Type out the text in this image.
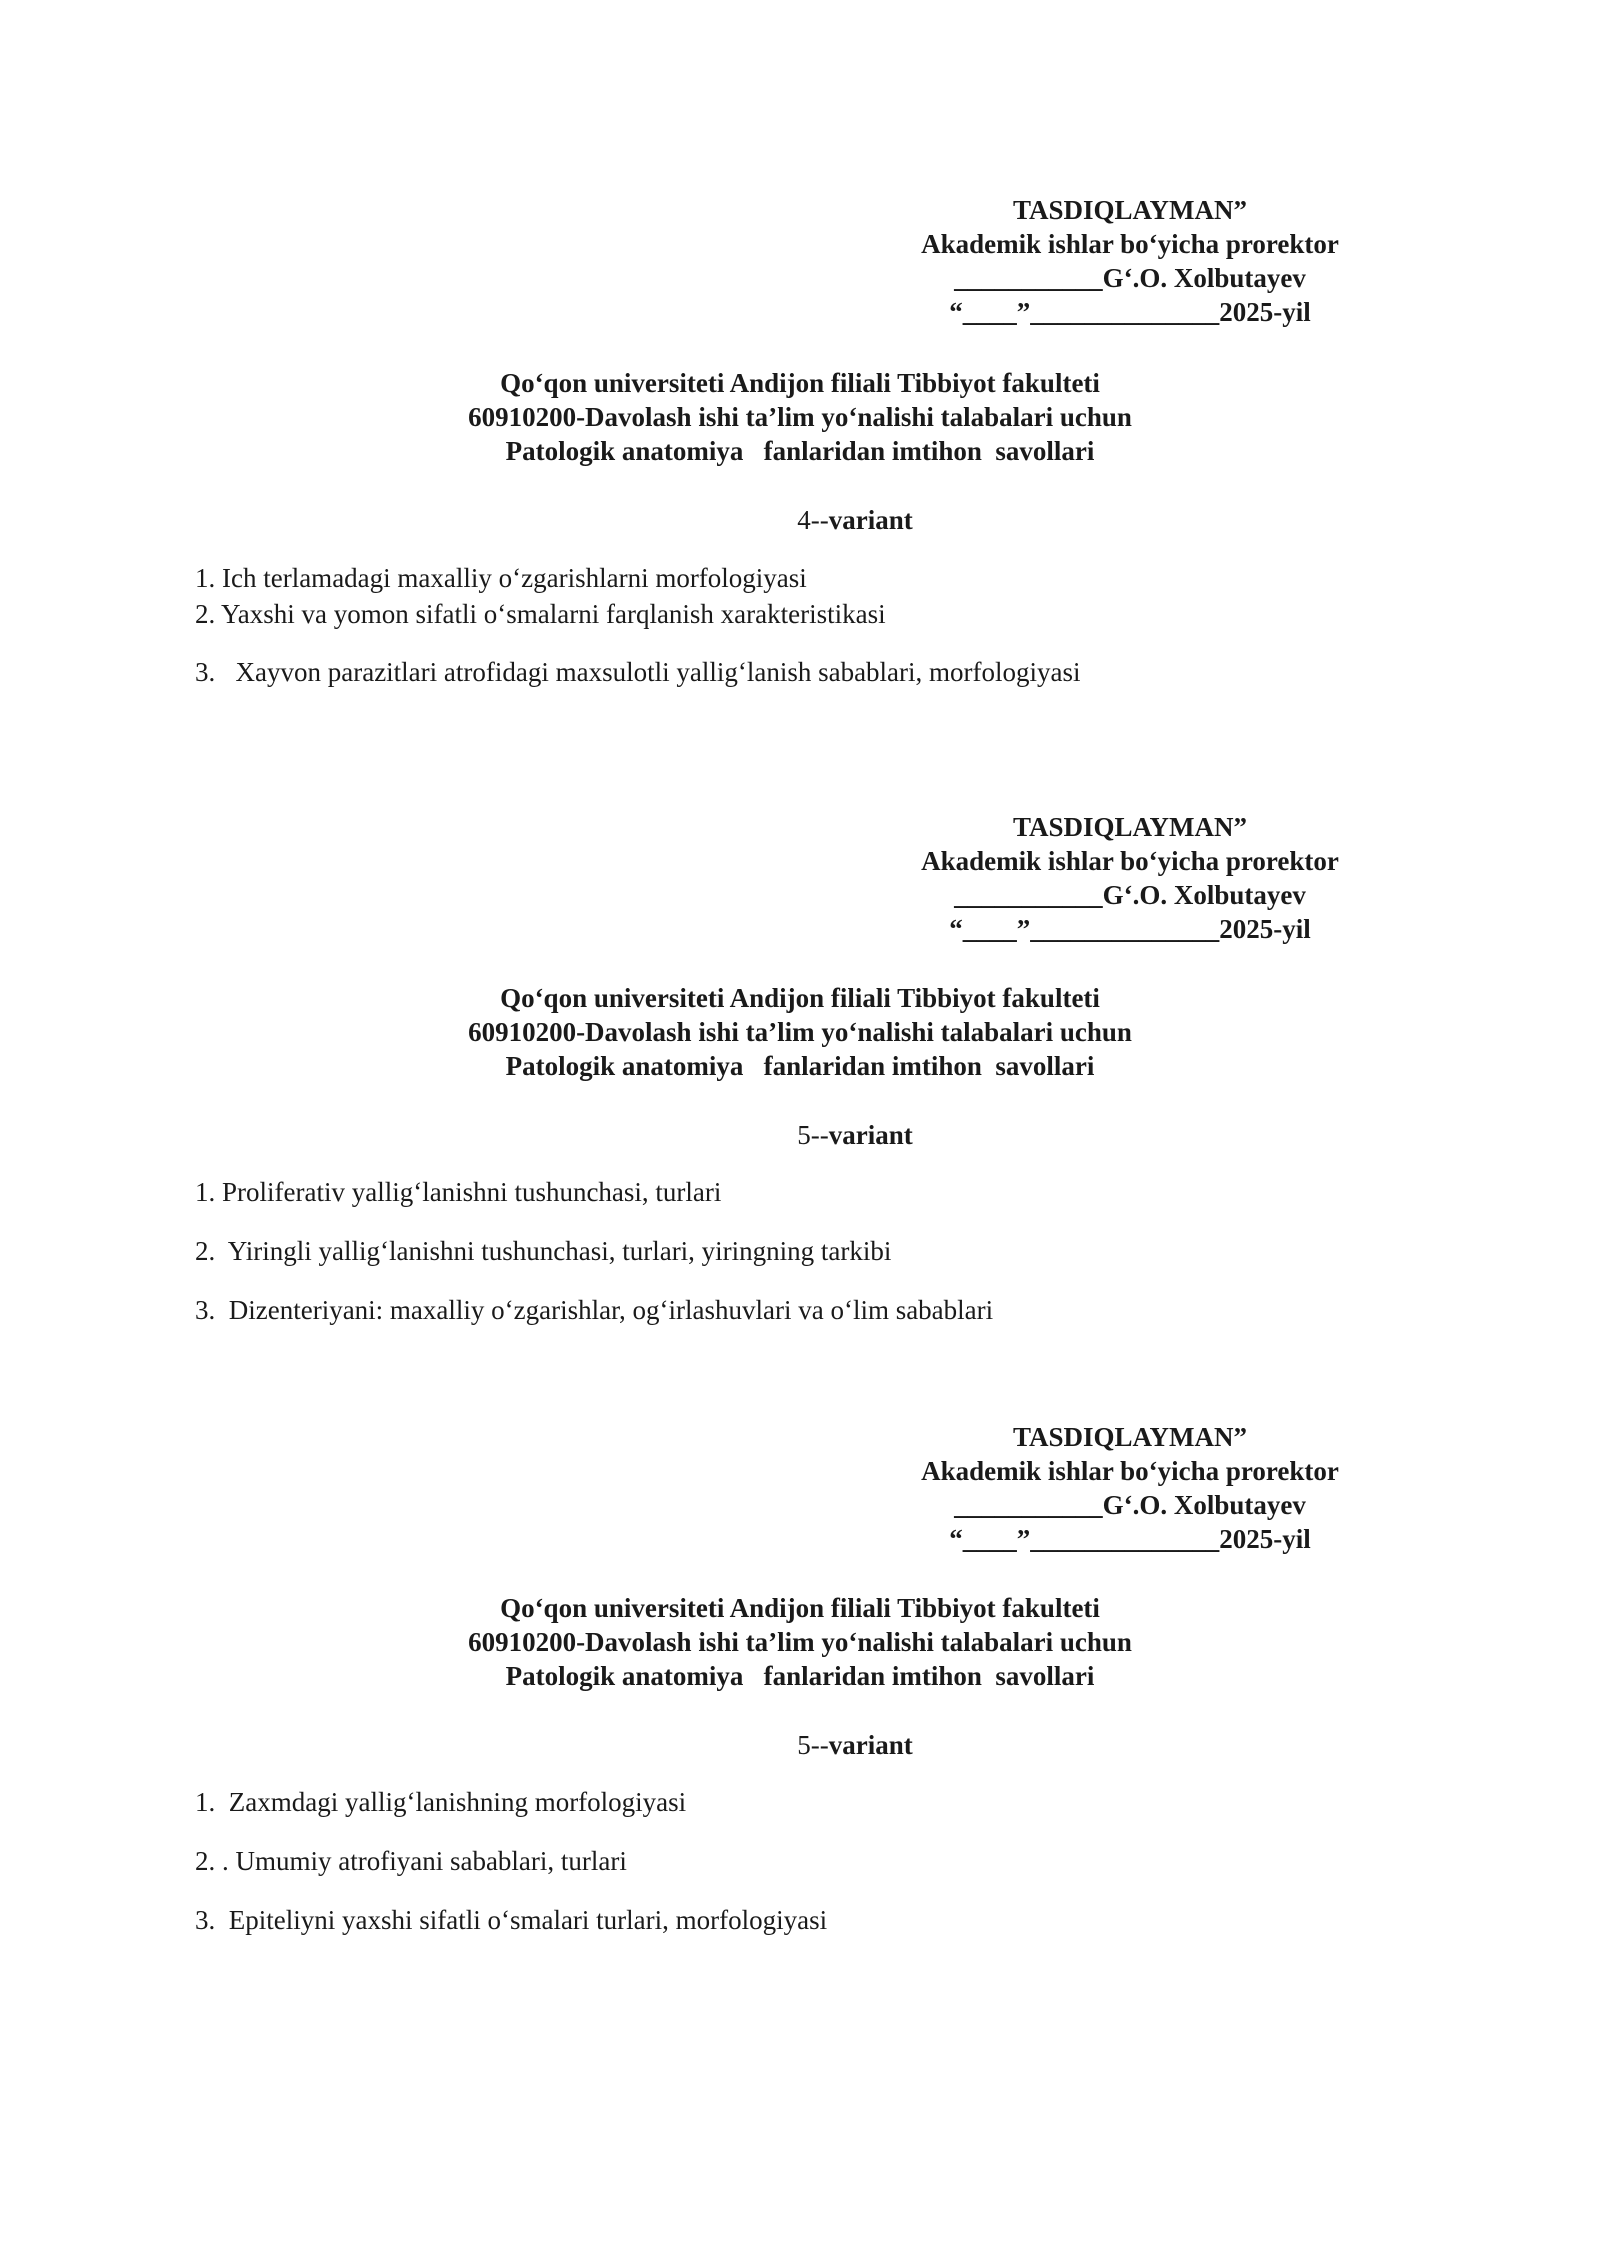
TASDIQLAYMAN”
Akademik ishlar bo‘yicha prorektor
___________G‘.O. Xolbutayev
“____”______________2025-yil
Qo‘qon universiteti Andijon filiali Tibbiyot fakulteti
60910200-Davolash ishi ta’lim yo‘nalishi talabalari uchun
Patologik anatomiya   fanlaridan imtihon  savollari
4--variant
1. Ich terlamadagi maxalliy o‘zgarishlarni morfologiyasi
2. Yaxshi va yomon sifatli o‘smalarni farqlanish xarakteristikasi
3.   Xayvon parazitlari atrofidagi maxsulotli yallig‘lanish sabablari, morfologiyasi
TASDIQLAYMAN”
Akademik ishlar bo‘yicha prorektor
___________G‘.O. Xolbutayev
“____”______________2025-yil
Qo‘qon universiteti Andijon filiali Tibbiyot fakulteti
60910200-Davolash ishi ta’lim yo‘nalishi talabalari uchun
Patologik anatomiya   fanlaridan imtihon  savollari
5--variant
1. Proliferativ yallig‘lanishni tushunchasi, turlari
2.  Yiringli yallig‘lanishni tushunchasi, turlari, yiringning tarkibi
3.  Dizenteriyani: maxalliy o‘zgarishlar, og‘irlashuvlari va o‘lim sabablari
TASDIQLAYMAN”
Akademik ishlar bo‘yicha prorektor
___________G‘.O. Xolbutayev
“____”______________2025-yil
Qo‘qon universiteti Andijon filiali Tibbiyot fakulteti
60910200-Davolash ishi ta’lim yo‘nalishi talabalari uchun
Patologik anatomiya   fanlaridan imtihon  savollari
5--variant
1.  Zaxmdagi yallig‘lanishning morfologiyasi
2. . Umumiy atrofiyani sabablari, turlari
3.  Epiteliyni yaxshi sifatli o‘smalari turlari, morfologiyasi
